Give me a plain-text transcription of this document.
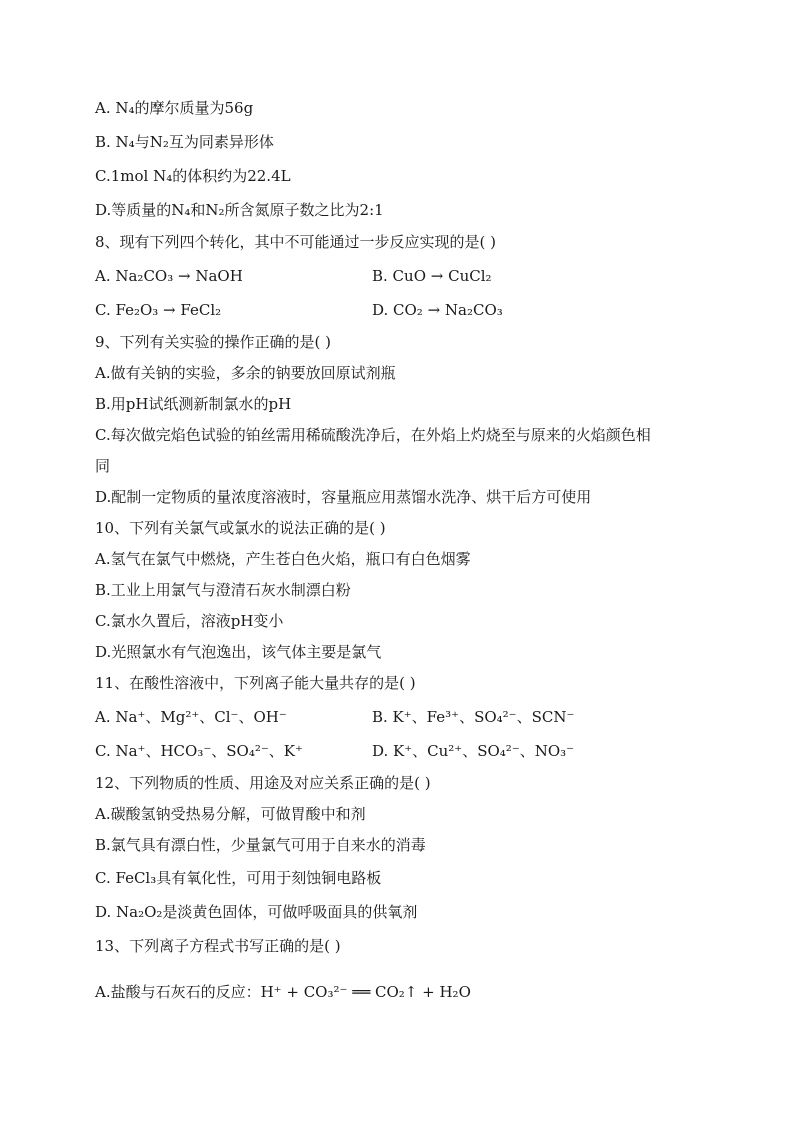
A. N₄的摩尔质量为56g
B. N₄与N₂互为同素异形体
C.1mol N₄的体积约为22.4L
D.等质量的N₄和N₂所含氮原子数之比为2:1
8、现有下列四个转化，其中不可能通过一步反应实现的是( )
A. Na₂CO₃ → NaOH	B. CuO → CuCl₂
C. Fe₂O₃ → FeCl₂	D. CO₂ → Na₂CO₃
9、下列有关实验的操作正确的是( )
A.做有关钠的实验，多余的钠要放回原试剂瓶
B.用pH试纸测新制氯水的pH
C.每次做完焰色试验的铂丝需用稀硫酸洗净后，在外焰上灼烧至与原来的火焰颜色相
同
D.配制一定物质的量浓度溶液时，容量瓶应用蒸馏水洗净、烘干后方可使用
10、下列有关氯气或氯水的说法正确的是( )
A.氢气在氯气中燃烧，产生苍白色火焰，瓶口有白色烟雾
B.工业上用氯气与澄清石灰水制漂白粉
C.氯水久置后，溶液pH变小
D.光照氯水有气泡逸出，该气体主要是氯气
11、在酸性溶液中，下列离子能大量共存的是( )
A. Na⁺、Mg²⁺、Cl⁻、OH⁻	B. K⁺、Fe³⁺、SO₄²⁻、SCN⁻
C. Na⁺、HCO₃⁻、SO₄²⁻、K⁺	D. K⁺、Cu²⁺、SO₄²⁻、NO₃⁻
12、下列物质的性质、用途及对应关系正确的是( )
A.碳酸氢钠受热易分解，可做胃酸中和剂
B.氯气具有漂白性，少量氯气可用于自来水的消毒
C. FeCl₃具有氧化性，可用于刻蚀铜电路板
D. Na₂O₂是淡黄色固体，可做呼吸面具的供氧剂
13、下列离子方程式书写正确的是( )
A.盐酸与石灰石的反应：H⁺ + CO₃²⁻ ══ CO₂↑ + H₂O
